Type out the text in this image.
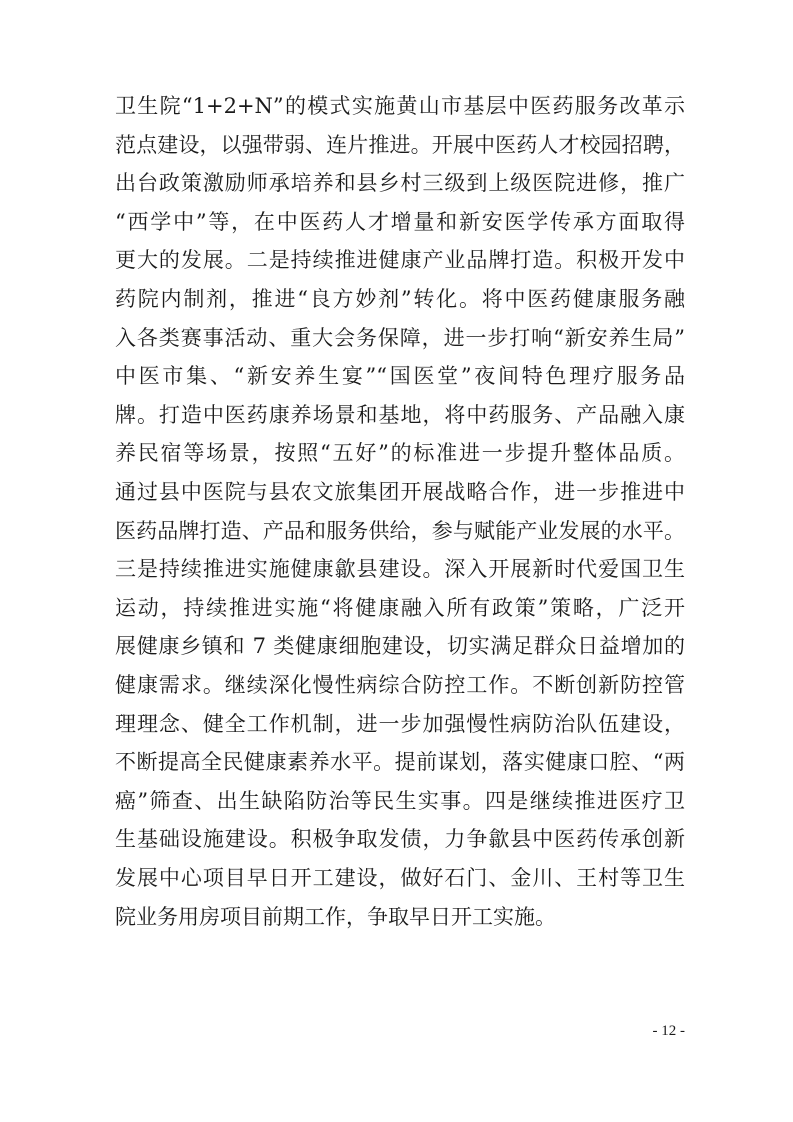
卫生院“1+2+N”的模式实施黄山市基层中医药服务改革示
范点建设，以强带弱、连片推进。开展中医药人才校园招聘，
出台政策激励师承培养和县乡村三级到上级医院进修，推广
“西学中”等，在中医药人才增量和新安医学传承方面取得
更大的发展。二是持续推进健康产业品牌打造。积极开发中
药院内制剂，推进“良方妙剂”转化。将中医药健康服务融
入各类赛事活动、重大会务保障，进一步打响“新安养生局”
中医市集、“新安养生宴”“国医堂”夜间特色理疗服务品
牌。打造中医药康养场景和基地，将中药服务、产品融入康
养民宿等场景，按照“五好”的标准进一步提升整体品质。
通过县中医院与县农文旅集团开展战略合作，进一步推进中
医药品牌打造、产品和服务供给，参与赋能产业发展的水平。
三是持续推进实施健康歙县建设。深入开展新时代爱国卫生
运动，持续推进实施“将健康融入所有政策”策略，广泛开
展健康乡镇和 7 类健康细胞建设，切实满足群众日益增加的
健康需求。继续深化慢性病综合防控工作。不断创新防控管
理理念、健全工作机制，进一步加强慢性病防治队伍建设，
不断提高全民健康素养水平。提前谋划，落实健康口腔、“两
癌”筛查、出生缺陷防治等民生实事。四是继续推进医疗卫
生基础设施建设。积极争取发债，力争歙县中医药传承创新
发展中心项目早日开工建设，做好石门、金川、王村等卫生
院业务用房项目前期工作，争取早日开工实施。
- 12 -
